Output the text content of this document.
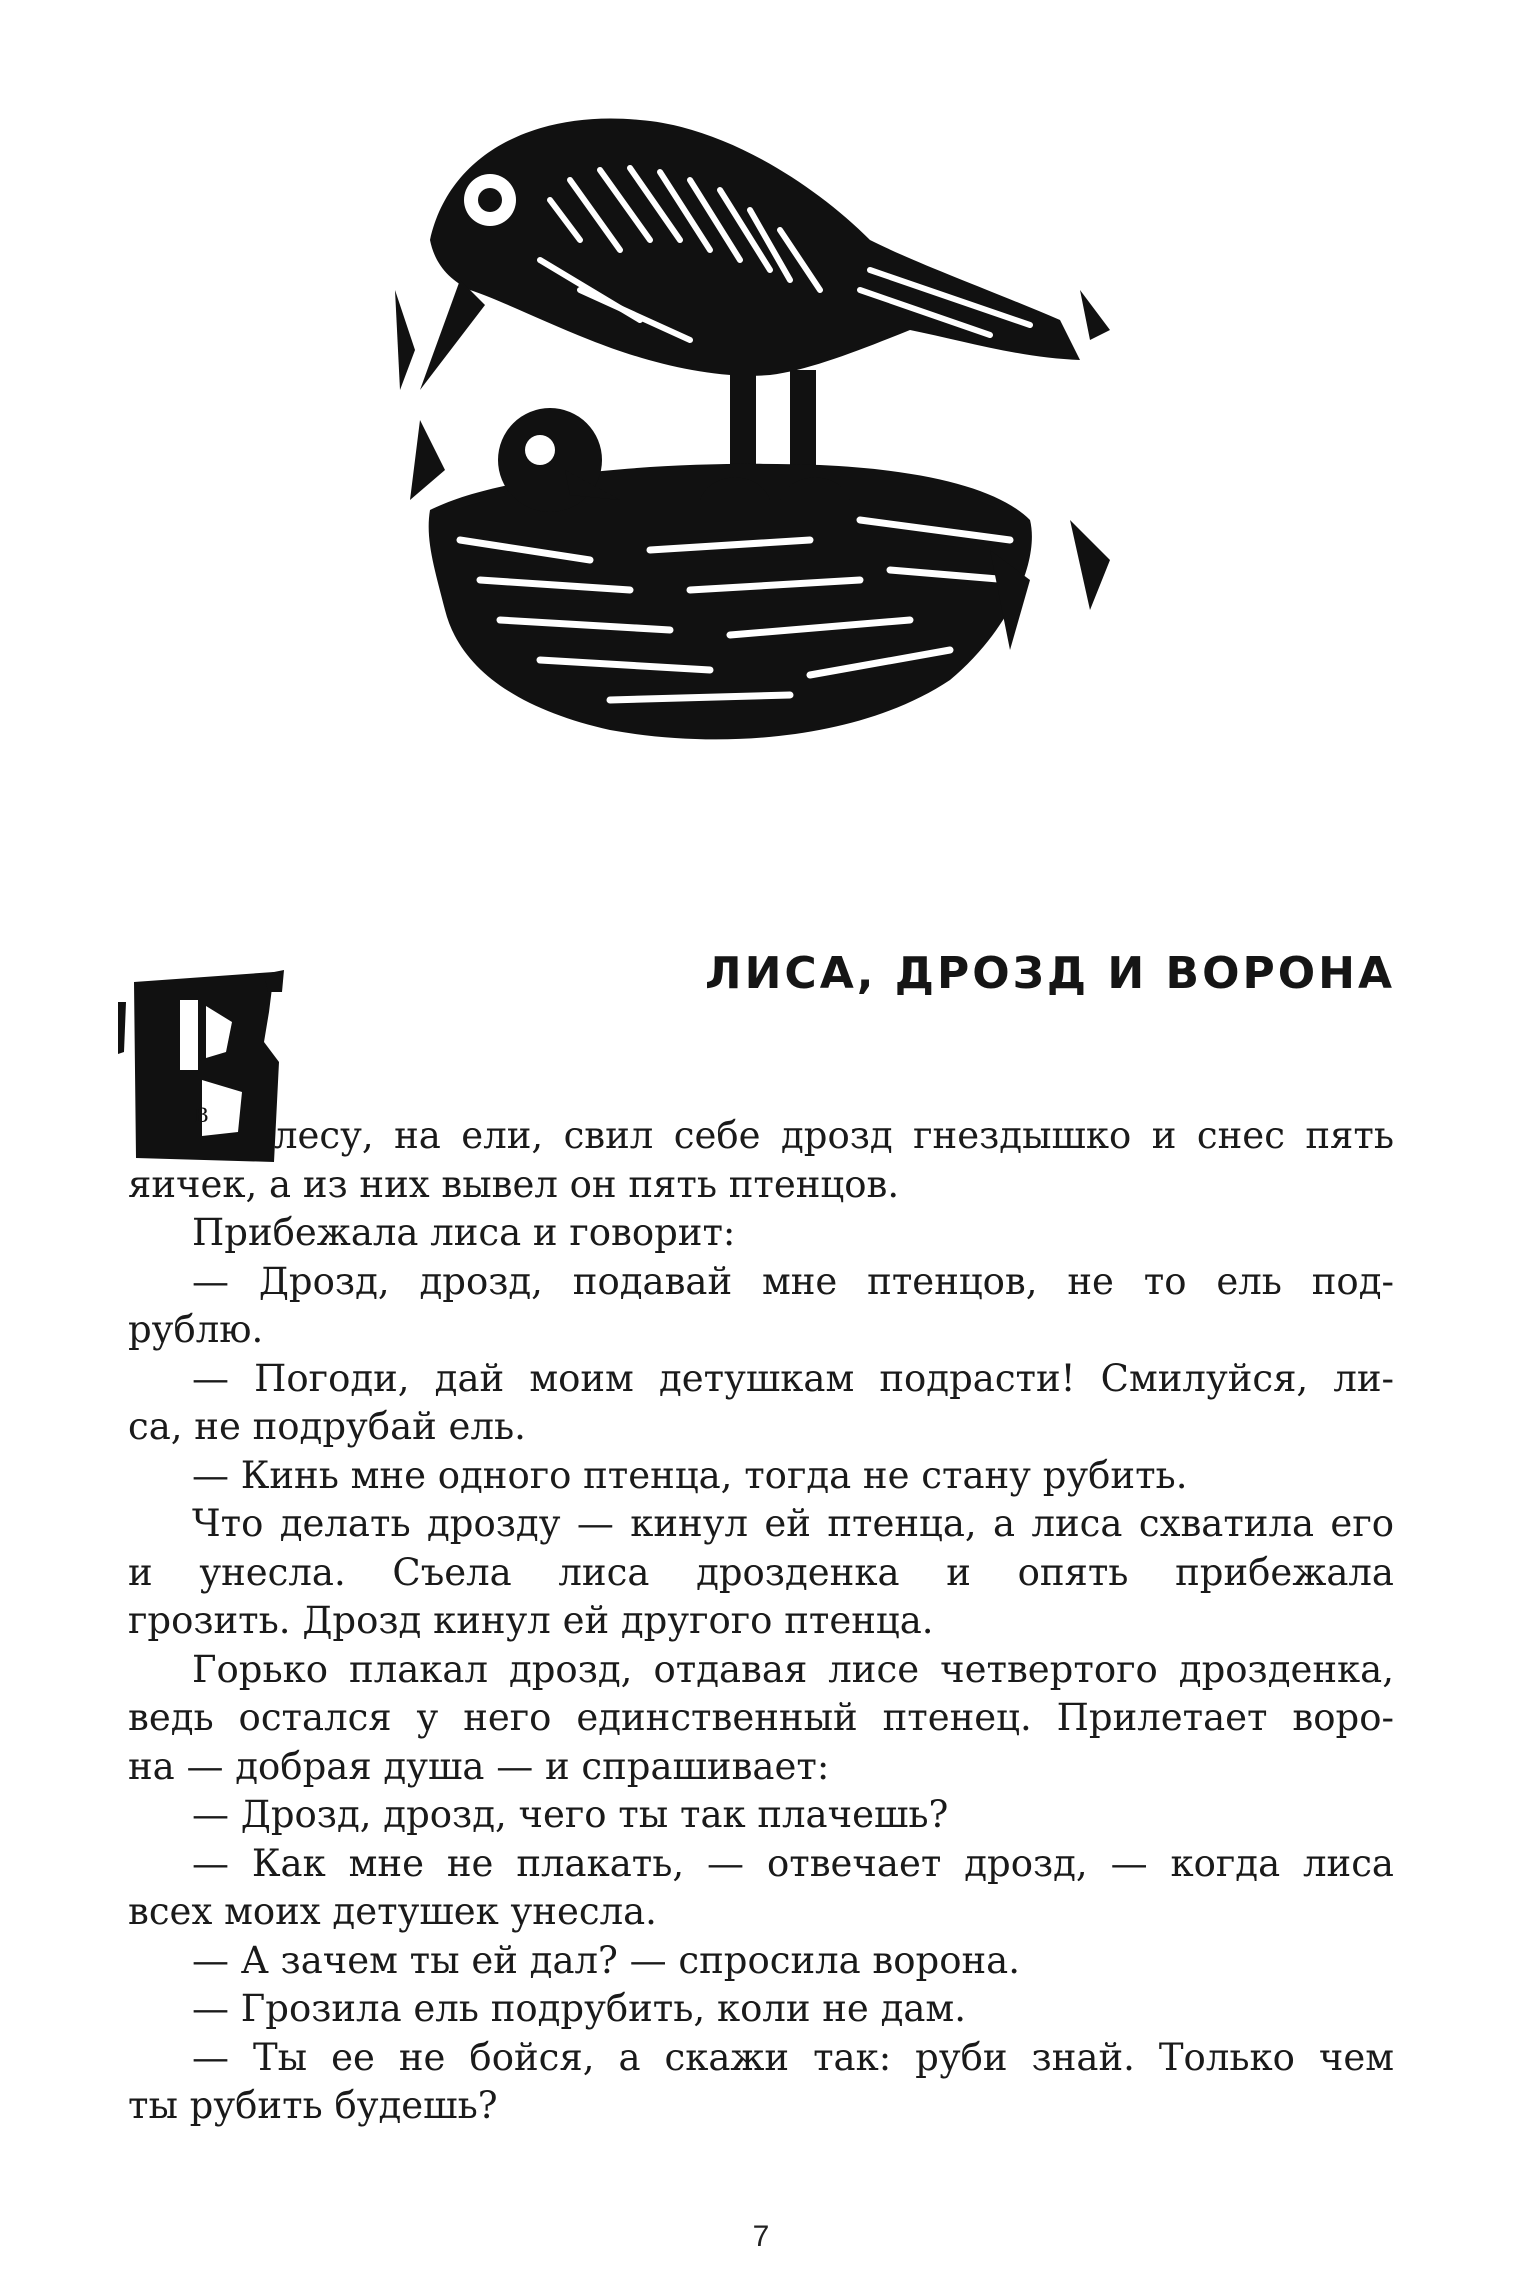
ЛИСА, ДРОЗД И ВОРОНА
В	лесу, на ели, свил себе дрозд гнездышко и снес пять
яичек, а из них вывел он пять птенцов.
Прибежала лиса и говорит:
— Дрозд, дрозд, подавай мне птенцов, не то ель под-
рублю.
— Погоди, дай моим детушкам подрасти! Смилуйся, ли-
са, не подрубай ель.
— Кинь мне одного птенца, тогда не стану рубить.
Что делать дрозду — кинул ей птенца, а лиса схватила его
и унесла. Съела лиса дрозденка и опять прибежала
грозить. Дрозд кинул ей другого птенца.
Горько плакал дрозд, отдавая лисе четвертого дрозденка,
ведь остался у него единственный птенец. Прилетает воро-
на — добрая душа — и спрашивает:
— Дрозд, дрозд, чего ты так плачешь?
— Как мне не плакать, — отвечает дрозд, — когда лиса
всех моих детушек унесла.
— А зачем ты ей дал? — спросила ворона.
— Грозила ель подрубить, коли не дам.
— Ты ее не бойся, а скажи так: руби знай. Только чем
ты рубить будешь?
7
